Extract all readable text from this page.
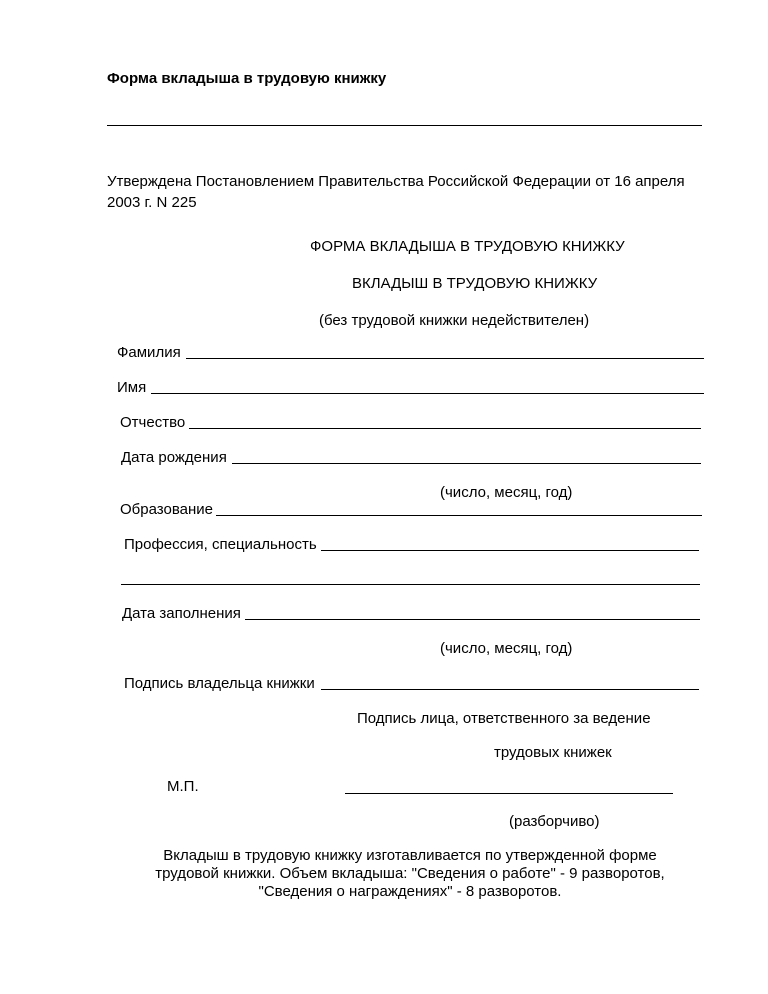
Форма вкладыша в трудовую книжку
Утверждена Постановлением Правительства Российской Федерации от 16 апреля 2003 г. N 225
ФОРМА ВКЛАДЫША В ТРУДОВУЮ КНИЖКУ
ВКЛАДЫШ В ТРУДОВУЮ КНИЖКУ
(без трудовой книжки недействителен)
Фамилия
Имя
Отчество
Дата рождения
(число, месяц, год)
Образование
Профессия, специальность
Дата заполнения
(число, месяц, год)
Подпись владельца книжки
Подпись лица, ответственного за ведение
трудовых книжек
М.П.
(разборчиво)
Вкладыш в трудовую книжку изготавливается по утвержденной форме трудовой книжки. Объем вкладыша: "Сведения о работе" - 9 разворотов, "Сведения о награждениях" - 8 разворотов.
